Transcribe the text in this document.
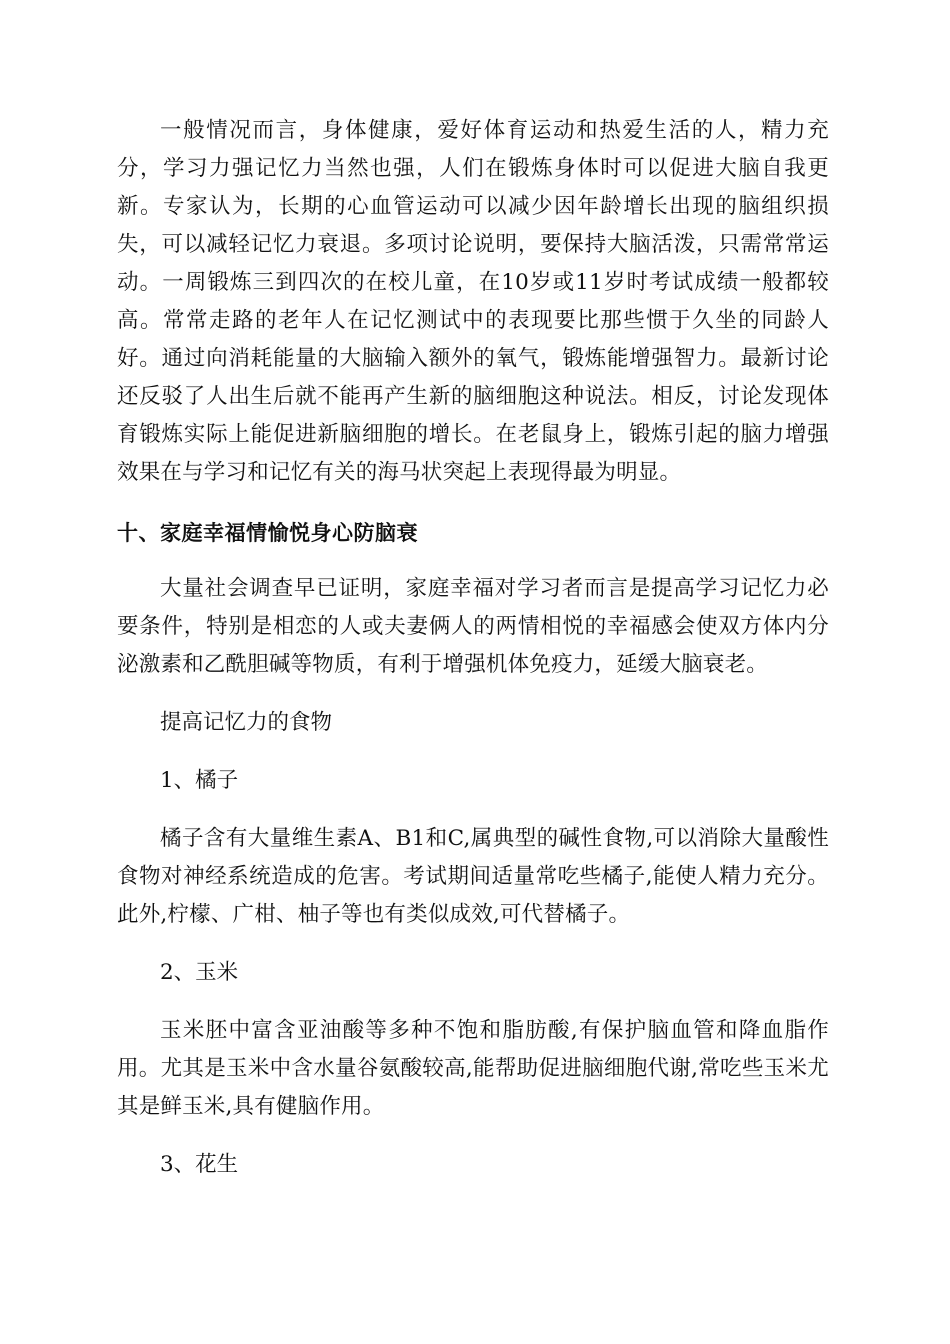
一般情况而言，身体健康，爱好体育运动和热爱生活的人，精力充分，学习力强记忆力当然也强，人们在锻炼身体时可以促进大脑自我更新。专家认为，长期的心血管运动可以减少因年龄增长出现的脑组织损失，可以减轻记忆力衰退。多项讨论说明，要保持大脑活泼，只需常常运动。一周锻炼三到四次的在校儿童，在10岁或11岁时考试成绩一般都较高。常常走路的老年人在记忆测试中的表现要比那些惯于久坐的同龄人好。通过向消耗能量的大脑输入额外的氧气，锻炼能增强智力。最新讨论还反驳了人出生后就不能再产生新的脑细胞这种说法。相反，讨论发现体育锻炼实际上能促进新脑细胞的增长。在老鼠身上，锻炼引起的脑力增强效果在与学习和记忆有关的海马状突起上表现得最为明显。

十、家庭幸福情愉悦身心防脑衰

大量社会调查早已证明，家庭幸福对学习者而言是提高学习记忆力必要条件，特别是相恋的人或夫妻俩人的两情相悦的幸福感会使双方体内分泌激素和乙酰胆碱等物质，有利于增强机体免疫力，延缓大脑衰老。

提高记忆力的食物

1、橘子

橘子含有大量维生素A、B1和C,属典型的碱性食物,可以消除大量酸性食物对神经系统造成的危害。考试期间适量常吃些橘子,能使人精力充分。此外,柠檬、广柑、柚子等也有类似成效,可代替橘子。

2、玉米

玉米胚中富含亚油酸等多种不饱和脂肪酸,有保护脑血管和降血脂作用。尤其是玉米中含水量谷氨酸较高,能帮助促进脑细胞代谢,常吃些玉米尤其是鲜玉米,具有健脑作用。

3、花生
